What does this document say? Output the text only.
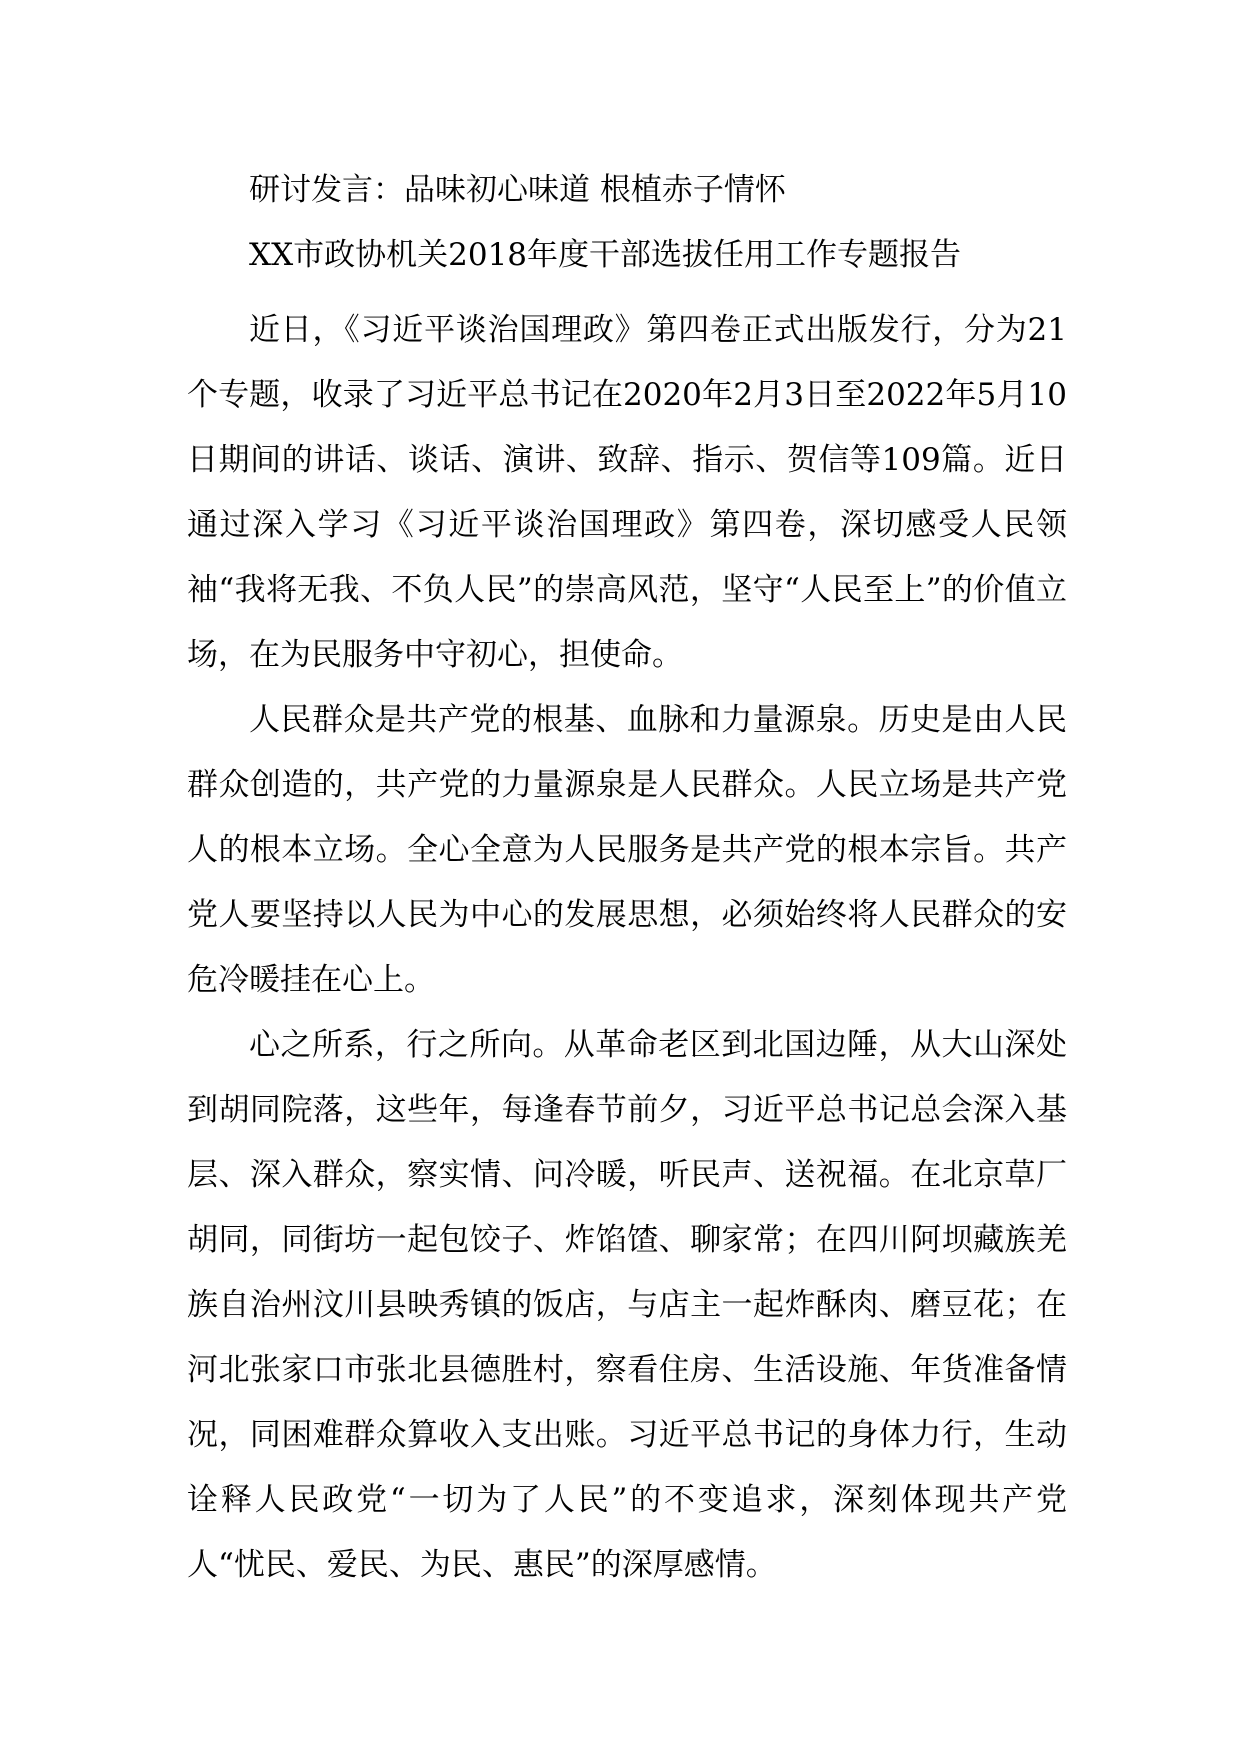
研讨发言：品味初心味道 根植赤子情怀

XX市政协机关2018年度干部选拔任用工作专题报告

近日，《习近平谈治国理政》第四卷正式出版发行，分为21个专题，收录了习近平总书记在2020年2月3日至2022年5月10日期间的讲话、谈话、演讲、致辞、指示、贺信等109篇。近日通过深入学习《习近平谈治国理政》第四卷，深切感受人民领袖“我将无我、不负人民”的崇高风范，坚守“人民至上”的价值立场，在为民服务中守初心，担使命。

人民群众是共产党的根基、血脉和力量源泉。历史是由人民群众创造的，共产党的力量源泉是人民群众。人民立场是共产党人的根本立场。全心全意为人民服务是共产党的根本宗旨。共产党人要坚持以人民为中心的发展思想，必须始终将人民群众的安危冷暖挂在心上。

心之所系，行之所向。从革命老区到北国边陲，从大山深处到胡同院落，这些年，每逢春节前夕，习近平总书记总会深入基层、深入群众，察实情、问冷暖，听民声、送祝福。在北京草厂胡同，同街坊一起包饺子、炸馅馇、聊家常；在四川阿坝藏族羌族自治州汶川县映秀镇的饭店，与店主一起炸酥肉、磨豆花；在河北张家口市张北县德胜村，察看住房、生活设施、年货准备情况，同困难群众算收入支出账。习近平总书记的身体力行，生动诠释人民政党“一切为了人民”的不变追求，深刻体现共产党人“忧民、爱民、为民、惠民”的深厚感情。
